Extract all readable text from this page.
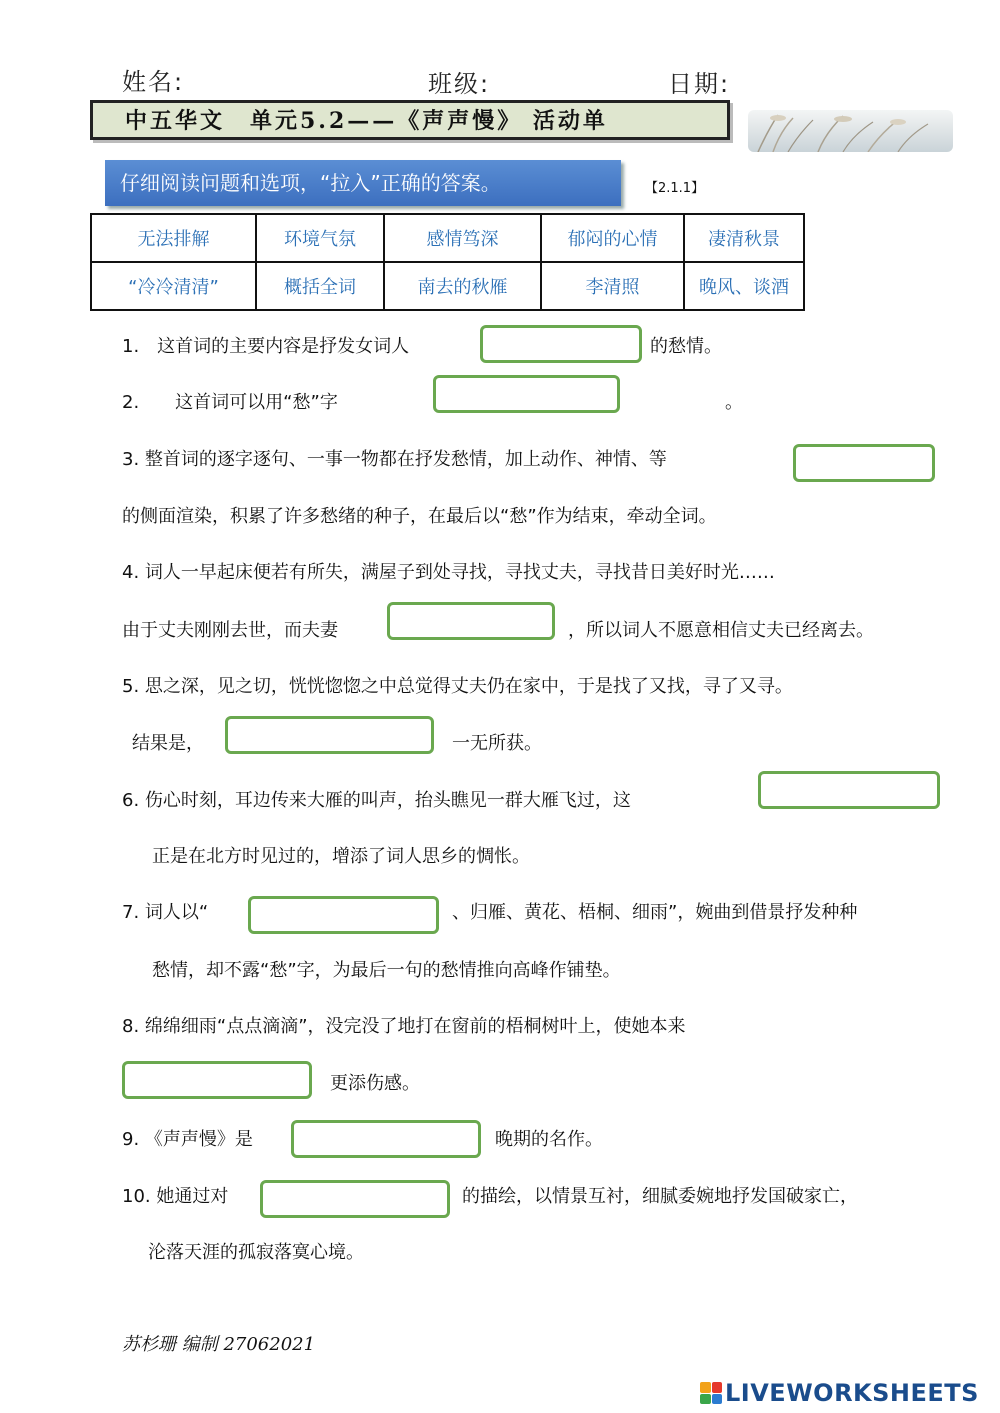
姓名:	班级:	日期:
中五华文　单元5.2——《声声慢》 活动单
仔细阅读问题和选项，“拉入”正确的答案。	【2.1.1】
无法排解	环境气氛	感情笃深	郁闷的心情	凄清秋景
“冷冷清清”	概括全词	南去的秋雁	李清照	晚风、谈酒
1.　这首词的主要内容是抒发女词人	的愁情。
2.　　这首词可以用“愁”字	。
3. 整首词的逐字逐句、一事一物都在抒发愁情，加上动作、神情、等
的侧面渲染，积累了许多愁绪的种子，在最后以“愁”作为结束，牵动全词。
4. 词人一早起床便若有所失，满屋子到处寻找，寻找丈夫，寻找昔日美好时光……
由于丈夫刚刚去世，而夫妻	，所以词人不愿意相信丈夫已经离去。
5. 思之深，见之切，恍恍惚惚之中总觉得丈夫仍在家中，于是找了又找，寻了又寻。
结果是，	一无所获。
6. 伤心时刻，耳边传来大雁的叫声，抬头瞧见一群大雁飞过，这
正是在北方时见过的，增添了词人思乡的惆怅。
7. 词人以“	、归雁、黄花、梧桐、细雨”，婉曲到借景抒发种种
愁情，却不露“愁”字，为最后一句的愁情推向高峰作铺垫。
8. 绵绵细雨“点点滴滴”，没完没了地打在窗前的梧桐树叶上，使她本来
更添伤感。
9. 《声声慢》是	晚期的名作。
10. 她通过对	的描绘，以情景互衬，细腻委婉地抒发国破家亡，
沦落天涯的孤寂落寞心境。
苏杉珊 编制 27062021
LIVEWORKSHEETS
